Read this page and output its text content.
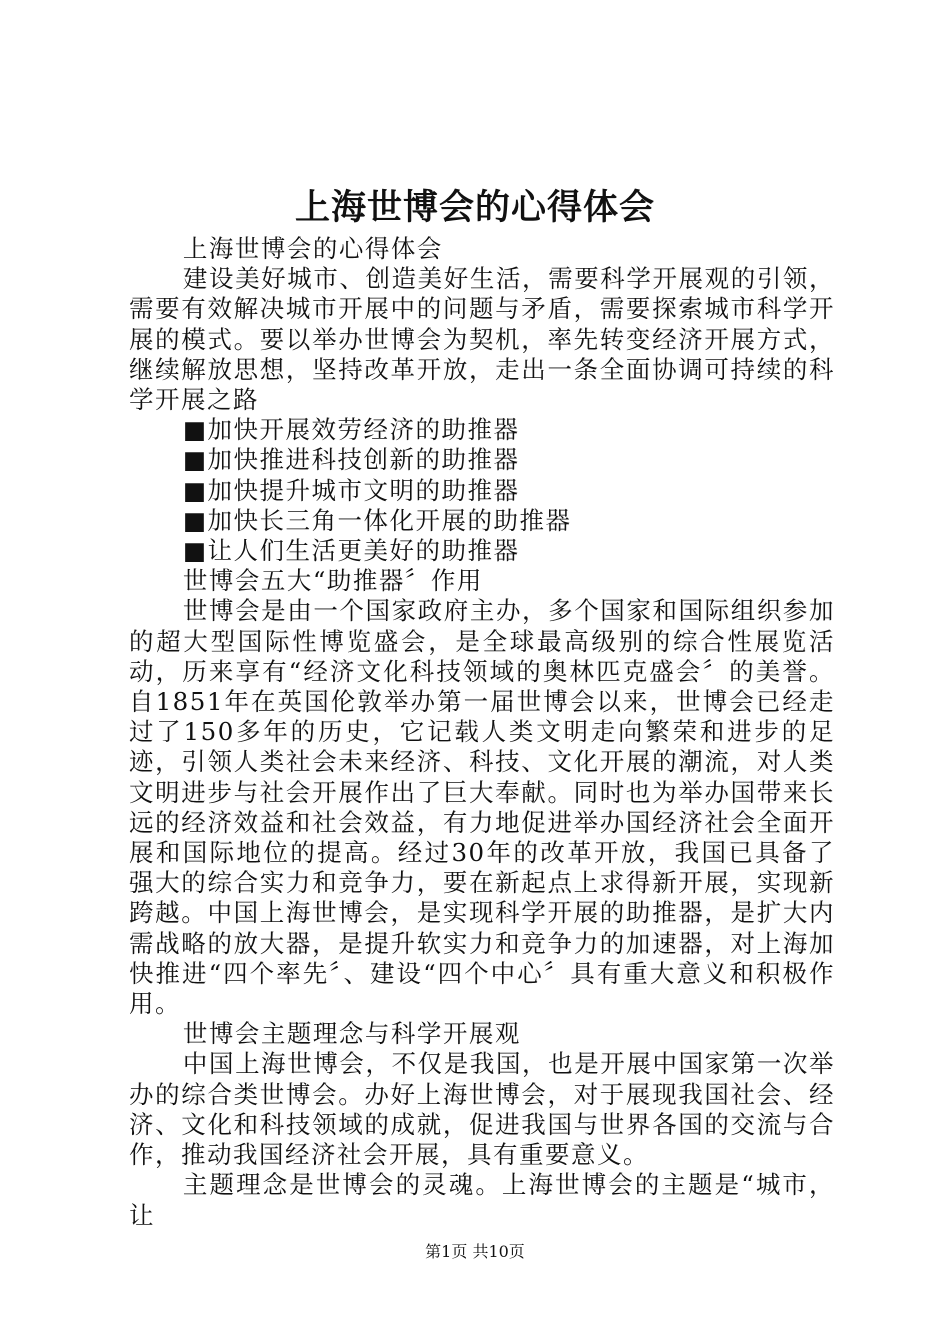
上海世博会的心得体会

上海世博会的心得体会

建设美好城市、创造美好生活，需要科学开展观的引领，需要有效解决城市开展中的问题与矛盾，需要探索城市科学开展的模式。要以举办世博会为契机，率先转变经济开展方式，继续解放思想，坚持改革开放，走出一条全面协调可持续的科学开展之路

■加快开展效劳经济的助推器

■加快推进科技创新的助推器

■加快提升城市文明的助推器

■加快长三角一体化开展的助推器

■让人们生活更美好的助推器

世博会五大“助推器〞作用

世博会是由一个国家政府主办，多个国家和国际组织参加的超大型国际性博览盛会，是全球最高级别的综合性展览活动，历来享有“经济文化科技领域的奥林匹克盛会〞的美誉。自1851年在英国伦敦举办第一届世博会以来，世博会已经走过了150多年的历史，它记载人类文明走向繁荣和进步的足迹，引领人类社会未来经济、科技、文化开展的潮流，对人类文明进步与社会开展作出了巨大奉献。同时也为举办国带来长远的经济效益和社会效益，有力地促进举办国经济社会全面开展和国际地位的提高。经过30年的改革开放，我国已具备了强大的综合实力和竞争力，要在新起点上求得新开展，实现新跨越。中国上海世博会，是实现科学开展的助推器，是扩大内需战略的放大器，是提升软实力和竞争力的加速器，对上海加快推进“四个率先〞、建设“四个中心〞具有重大意义和积极作用。

世博会主题理念与科学开展观

中国上海世博会，不仅是我国，也是开展中国家第一次举办的综合类世博会。办好上海世博会，对于展现我国社会、经济、文化和科技领域的成就，促进我国与世界各国的交流与合作，推动我国经济社会开展，具有重要意义。

主题理念是世博会的灵魂。上海世博会的主题是“城市，让

第1页 共10页
